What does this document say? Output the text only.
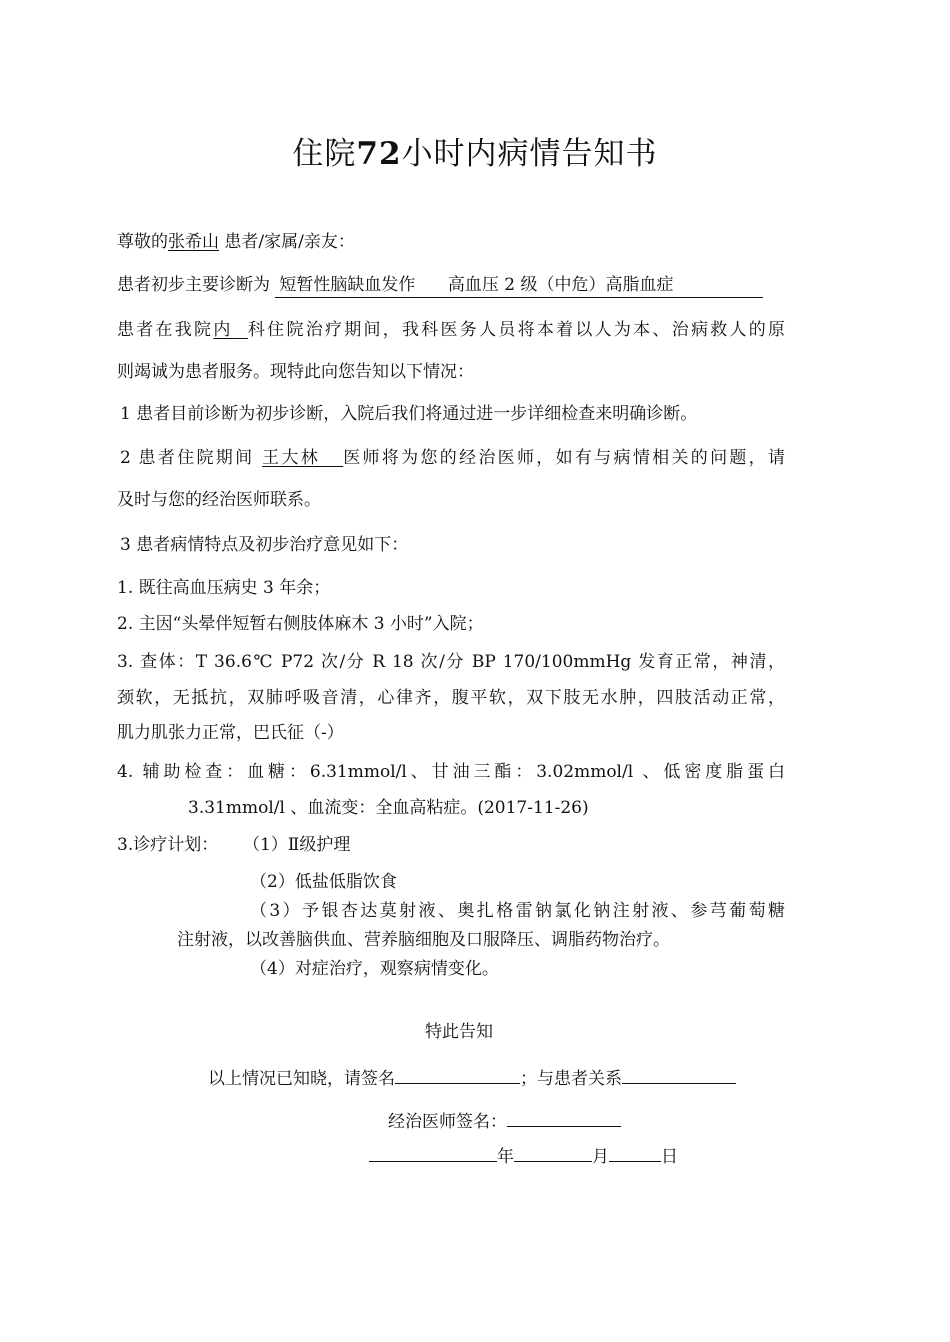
住院72小时内病情告知书
尊敬的张希山 患者/家属/亲友：
患者初步主要诊断为 短暂性脑缺血发作      高血压 2 级（中危）高脂血症
患者在我院内 科住院治疗期间，我科医务人员将本着以人为本、治病救人的原
则竭诚为患者服务。现特此向您告知以下情况：
1 患者目前诊断为初步诊断，入院后我们将通过进一步详细检查来明确诊断。
2 患者住院期间 王大林 医师将为您的经治医师，如有与病情相关的问题，请
及时与您的经治医师联系。
3 患者病情特点及初步治疗意见如下：
1. 既往高血压病史 3 年余；
2. 主因“头晕伴短暂右侧肢体麻木 3 小时”入院；
3. 查体：T 36.6℃ P72 次/分 R 18 次/分 BP 170/100mmHg 发育正常，神清，
颈软，无抵抗，双肺呼吸音清，心律齐，腹平软，双下肢无水肿，四肢活动正常，
肌力肌张力正常，巴氏征（-）
4. 辅助检查：血糖：6.31mmol/l、甘油三酯：3.02mmol/l 、低密度脂蛋白
3.31mmol/l 、血流变：全血高粘症。(2017-11-26)
3.诊疗计划：	（1）Ⅱ级护理
（2）低盐低脂饮食
（3）予银杏达莫射液、奥扎格雷钠氯化钠注射液、参芎葡萄糖
注射液，以改善脑供血、营养脑细胞及口服降压、调脂药物治疗。
（4）对症治疗，观察病情变化。
特此告知
以上情况已知晓，请签名	；与患者关系
经治医师签名：
年	月	日
